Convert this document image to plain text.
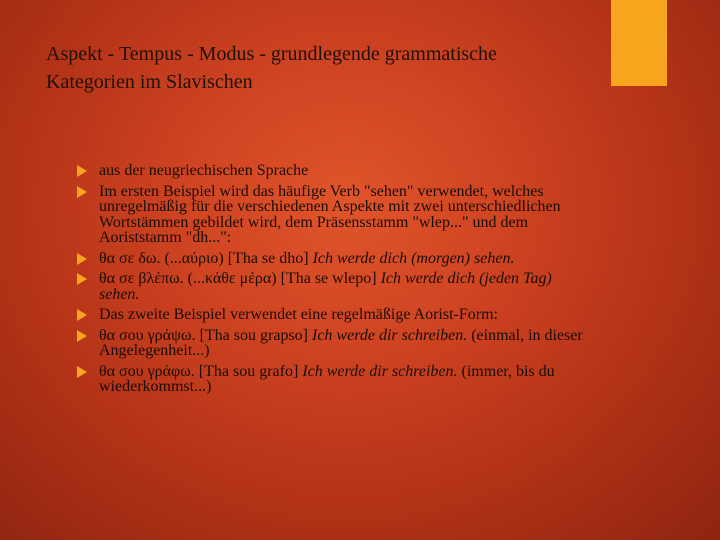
Aspekt - Tempus - Modus - grundlegende grammatische Kategorien im Slavischen
aus der neugriechischen Sprache
Im ersten Beispiel wird das häufige Verb "sehen" verwendet, welches unregelmäßig für die verschiedenen Aspekte mit zwei unterschiedlichen Wortstämmen gebildet wird, dem Präsensstamm "wlep..." und dem Aoriststamm "dh...":
θα σε δω. (...αύριο) [Tha se dho] Ich werde dich (morgen) sehen.
θα σε βλέπω. (...κάθε μέρα) [Tha se wlepo] Ich werde dich (jeden Tag) sehen.
Das zweite Beispiel verwendet eine regelmäßige Aorist-Form:
θα σου γράψω. [Tha sou grapso] Ich werde dir schreiben. (einmal, in dieser Angelegenheit...)
θα σου γράφω. [Tha sou grafo] Ich werde dir schreiben. (immer, bis du wiederkommst...)
